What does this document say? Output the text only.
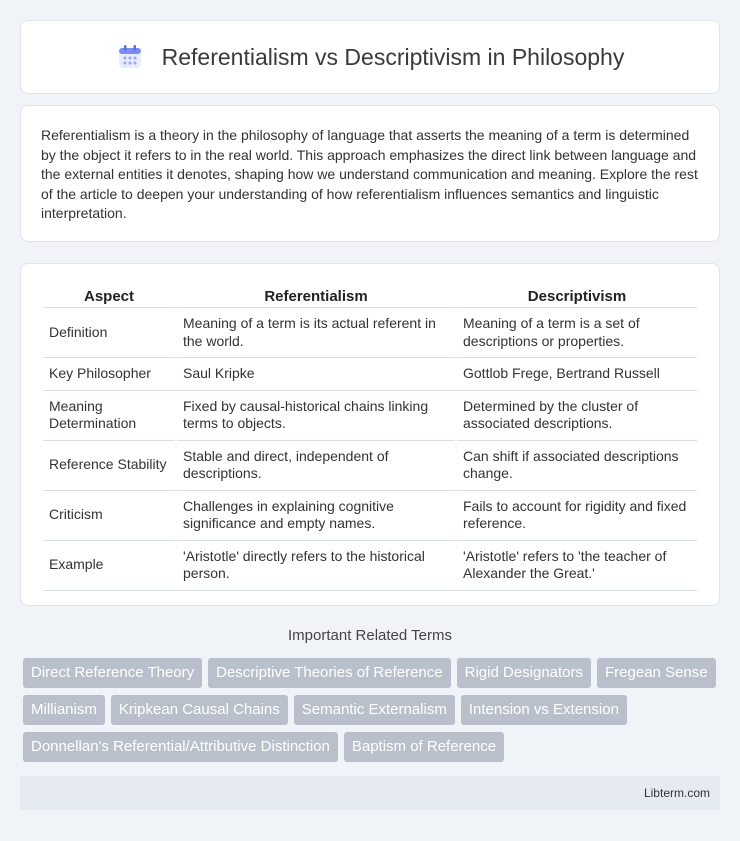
Referentialism vs Descriptivism in Philosophy

Referentialism is a theory in the philosophy of language that asserts the meaning of a term is determined by the object it refers to in the real world. This approach emphasizes the direct link between language and the external entities it denotes, shaping how we understand communication and meaning. Explore the rest of the article to deepen your understanding of how referentialism influences semantics and linguistic interpretation.

Aspect	Referentialism	Descriptivism
Definition	Meaning of a term is its actual referent in the world.	Meaning of a term is a set of descriptions or properties.
Key Philosopher	Saul Kripke	Gottlob Frege, Bertrand Russell
Meaning Determination	Fixed by causal-historical chains linking terms to objects.	Determined by the cluster of associated descriptions.
Reference Stability	Stable and direct, independent of descriptions.	Can shift if associated descriptions change.
Criticism	Challenges in explaining cognitive significance and empty names.	Fails to account for rigidity and fixed reference.
Example	'Aristotle' directly refers to the historical person.	'Aristotle' refers to 'the teacher of Alexander the Great.'
Important Related Terms
Direct Reference Theory	Descriptive Theories of Reference	Rigid Designators	Fregean Sense
Millianism	Kripkean Causal Chains	Semantic Externalism	Intension vs Extension
Donnellan's Referential/Attributive Distinction	Baptism of Reference
Libterm.com
